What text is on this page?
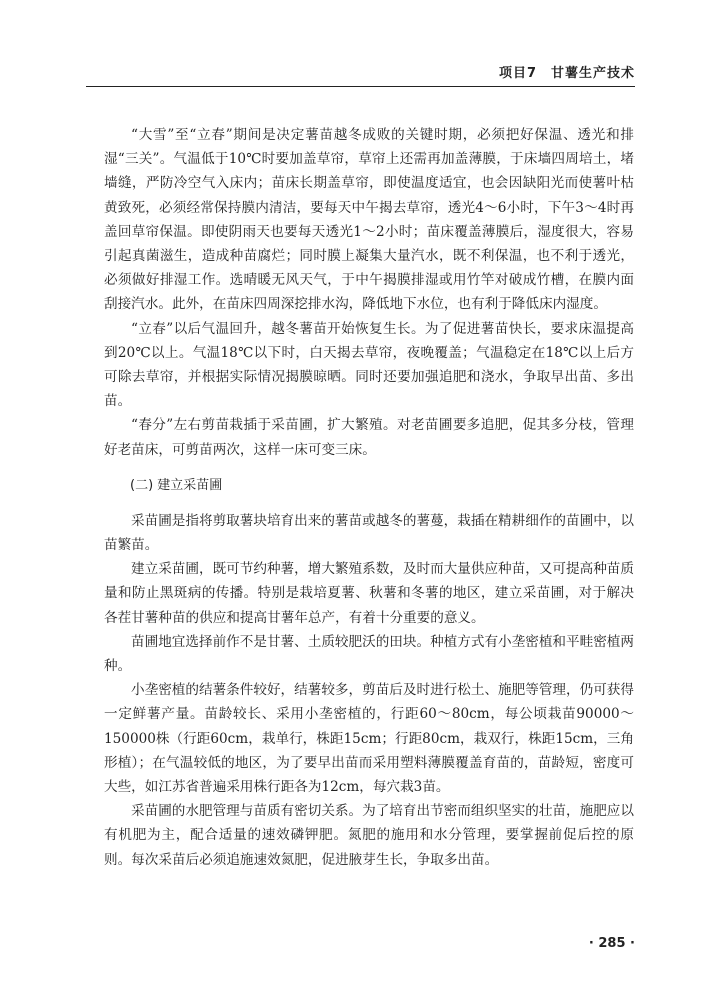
项目7　甘薯生产技术

“大雪”至“立春”期间是决定薯苗越冬成败的关键时期，必须把好保温、透光和排湿“三关”。气温低于10℃时要加盖草帘，草帘上还需再加盖薄膜，于床墙四周培土，堵墙缝，严防冷空气入床内；苗床长期盖草帘，即使温度适宜，也会因缺阳光而使薯叶枯黄致死，必须经常保持膜内清洁，要每天中午揭去草帘，透光4～6小时，下午3～4时再盖回草帘保温。即使阴雨天也要每天透光1～2小时；苗床覆盖薄膜后，湿度很大，容易引起真菌滋生，造成种苗腐烂；同时膜上凝集大量汽水，既不利保温，也不利于透光，必须做好排湿工作。选晴暖无风天气，于中午揭膜排湿或用竹竿对破成竹槽，在膜内面刮接汽水。此外，在苗床四周深挖排水沟，降低地下水位，也有利于降低床内湿度。

“立春”以后气温回升，越冬薯苗开始恢复生长。为了促进薯苗快长，要求床温提高到20℃以上。气温18℃以下时，白天揭去草帘，夜晚覆盖；气温稳定在18℃以上后方可除去草帘，并根据实际情况揭膜晾晒。同时还要加强追肥和浇水，争取早出苗、多出苗。

“春分”左右剪苗栽插于采苗圃，扩大繁殖。对老苗圃要多追肥，促其多分枝，管理好老苗床，可剪苗两次，这样一床可变三床。

(二) 建立采苗圃

采苗圃是指将剪取薯块培育出来的薯苗或越冬的薯蔓，栽插在精耕细作的苗圃中，以苗繁苗。

建立采苗圃，既可节约种薯，增大繁殖系数，及时而大量供应种苗，又可提高种苗质量和防止黑斑病的传播。特别是栽培夏薯、秋薯和冬薯的地区，建立采苗圃，对于解决各茬甘薯种苗的供应和提高甘薯年总产，有着十分重要的意义。

苗圃地宜选择前作不是甘薯、土质较肥沃的田块。种植方式有小垄密植和平畦密植两种。

小垄密植的结薯条件较好，结薯较多，剪苗后及时进行松土、施肥等管理，仍可获得一定鲜薯产量。苗龄较长、采用小垄密植的，行距60～80cm，每公顷栽苗90000～150000株（行距60cm，栽单行，株距15cm；行距80cm，栽双行，株距15cm，三角形植）；在气温较低的地区，为了要早出苗而采用塑料薄膜覆盖育苗的，苗龄短，密度可大些，如江苏省普遍采用株行距各为12cm，每穴栽3苗。

采苗圃的水肥管理与苗质有密切关系。为了培育出节密而组织坚实的壮苗，施肥应以有机肥为主，配合适量的速效磷钾肥。氮肥的施用和水分管理，要掌握前促后控的原则。每次采苗后必须追施速效氮肥，促进腋芽生长，争取多出苗。

· 285 ·
